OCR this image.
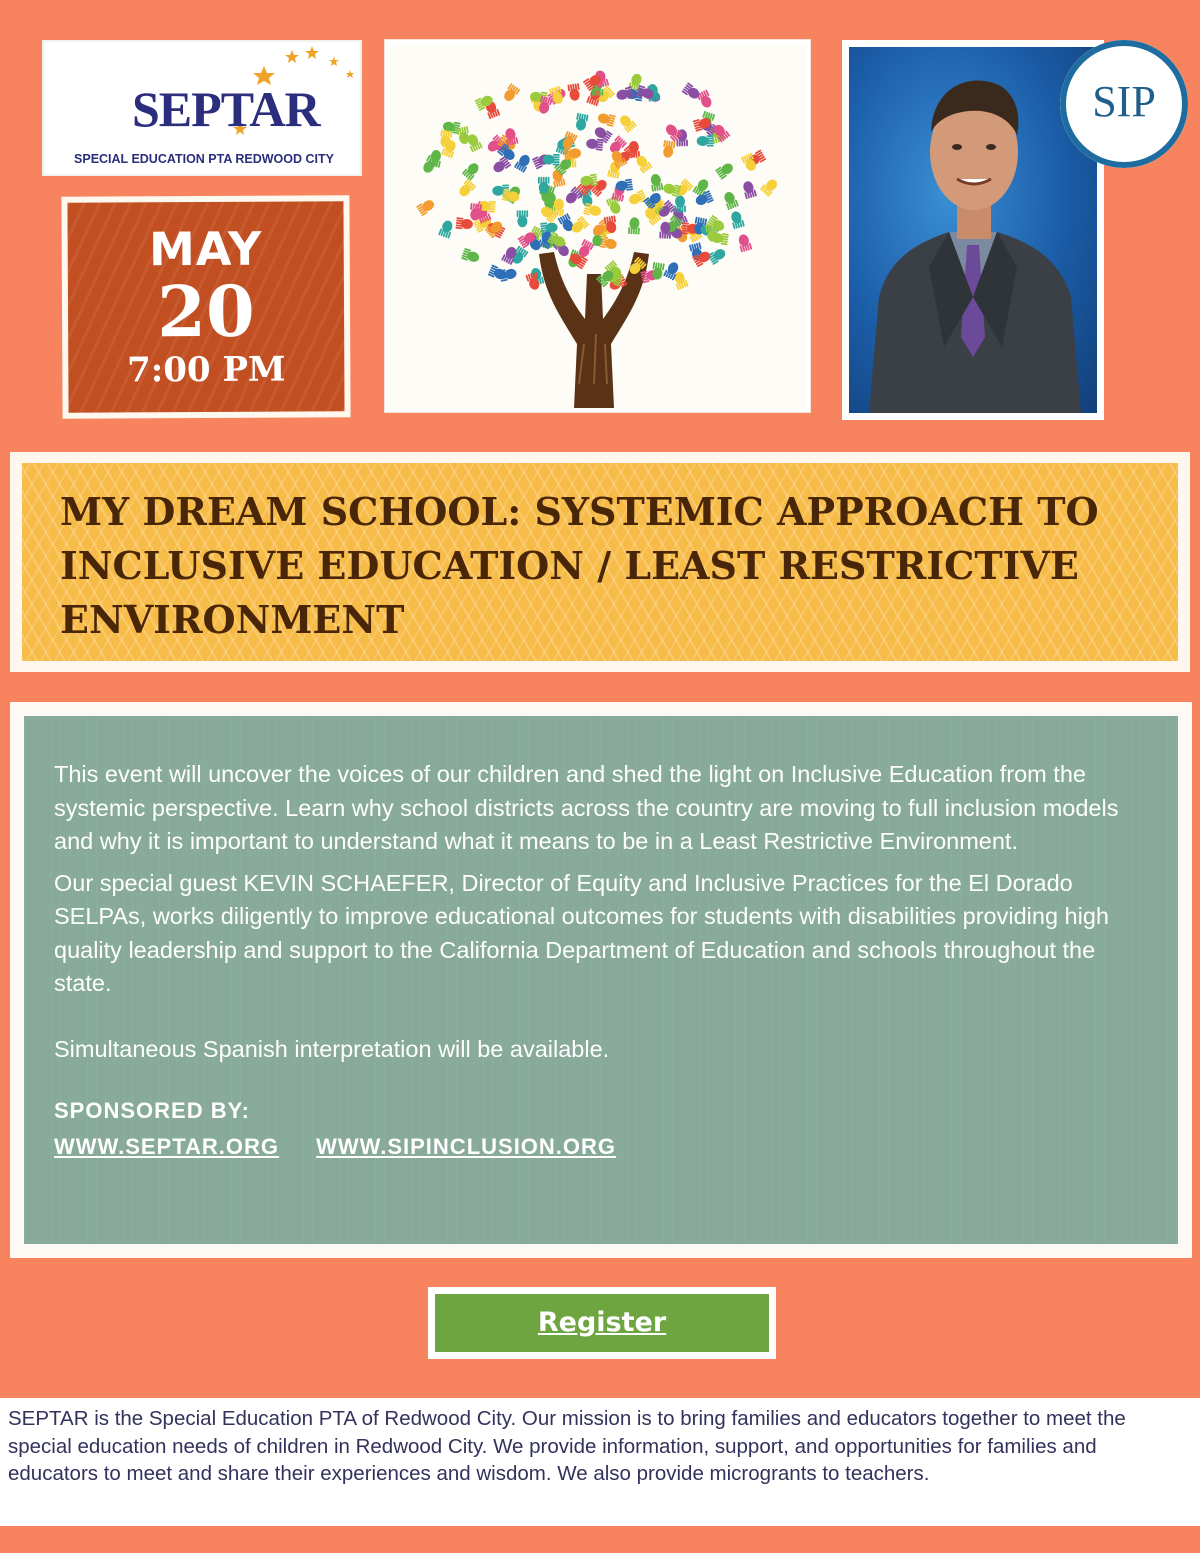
SEPTAR
SPECIAL EDUCATION PTA REDWOOD CITY
MAY
20
7:00 PM
SIP
MY DREAM SCHOOL: SYSTEMIC APPROACH TO INCLUSIVE EDUCATION / LEAST RESTRICTIVE ENVIRONMENT

This event will uncover the voices of our children and shed the light on Inclusive Education from the systemic perspective. Learn why school districts across the country are moving to full inclusion models and why it is important to understand what it means to be in a Least Restrictive Environment.

Our special guest KEVIN SCHAEFER, Director of Equity and Inclusive Practices for the El Dorado SELPAs, works diligently to improve educational outcomes for students with disabilities providing high quality leadership and support to the California Department of Education and schools throughout the state.

Simultaneous Spanish interpretation will be available.

SPONSORED BY:

WWW.SEPTAR.ORG WWW.SIPINCLUSION.ORG

Register
SEPTAR is the Special Education PTA of Redwood City. Our mission is to bring families and educators together to meet the special education needs of children in Redwood City. We provide information, support, and opportunities for families and educators to meet and share their experiences and wisdom. We also provide microgrants to teachers.
